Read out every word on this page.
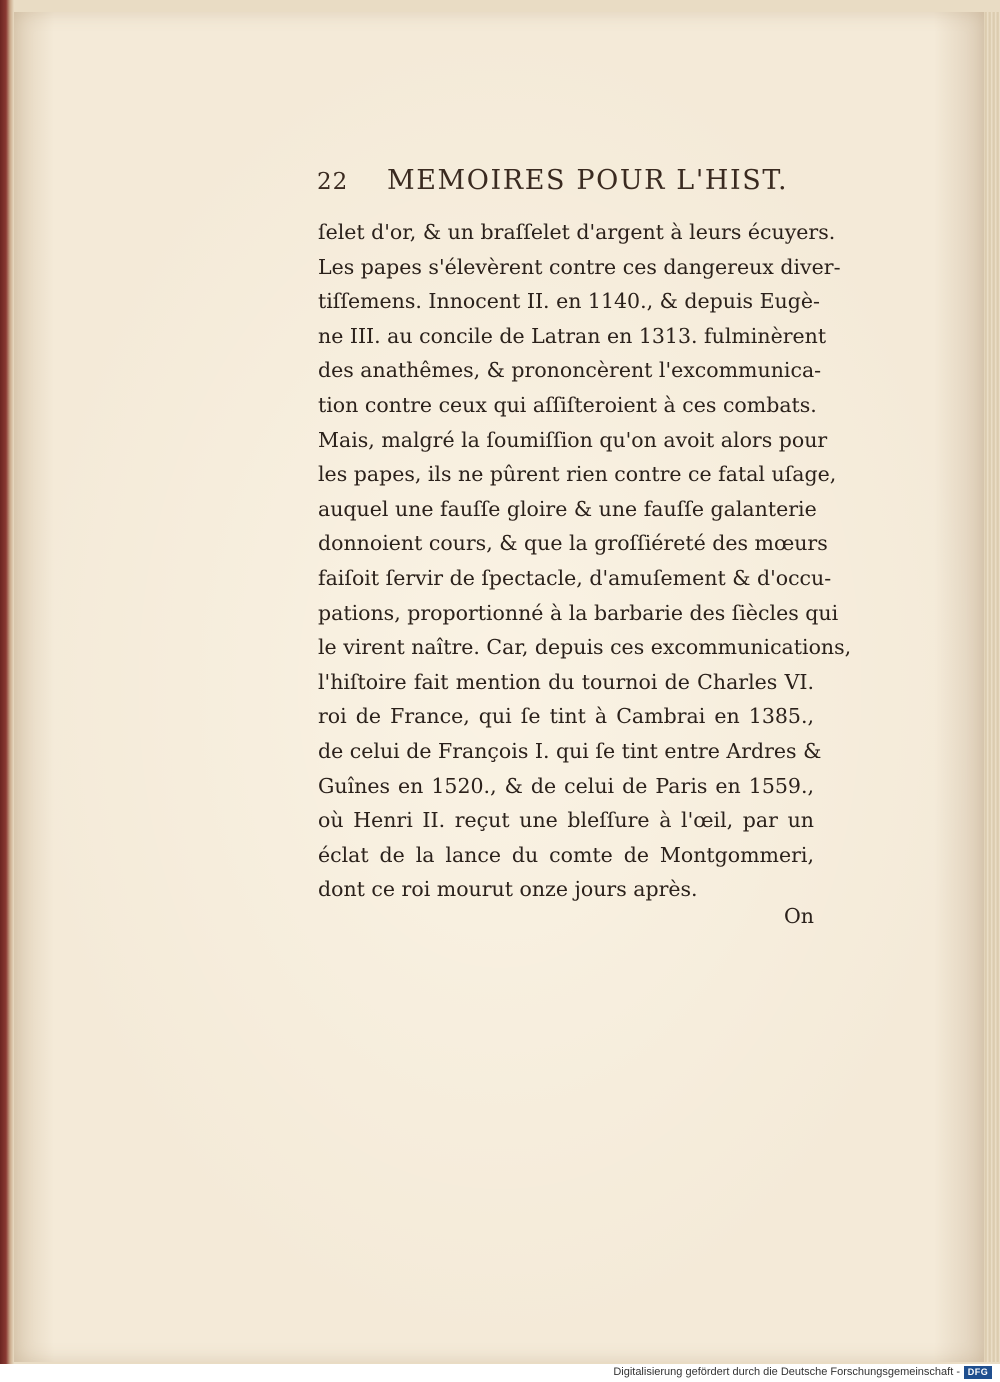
22 MEMOIRES POUR L'HIST.
ſelet d'or, & un braſſelet d'argent à leurs écuyers.
Les papes s'élevèrent contre ces dangereux diver-
tiſſemens. Innocent II. en 1140., & depuis Eugè-
ne III. au concile de Latran en 1313. fulminèrent
des anathêmes, & prononcèrent l'excommunica-
tion contre ceux qui aſſiſteroient à ces combats.
Mais, malgré la ſoumiſſion qu'on avoit alors pour
les papes, ils ne pûrent rien contre ce fatal uſage,
auquel une fauſſe gloire & une fauſſe galanterie
donnoient cours, & que la groſſiéreté des mœurs
faiſoit ſervir de ſpectacle, d'amuſement & d'occu-
pations, proportionné à la barbarie des ſiècles qui
le virent naître. Car, depuis ces excommunications,
l'hiſtoire fait mention du tournoi de Charles VI.
roi de France, qui ſe tint à Cambrai en 1385.,
de celui de François I. qui ſe tint entre Ardres &
Guînes en 1520., & de celui de Paris en 1559.,
où Henri II. reçut une bleſſure à l'œil, par un
éclat de la lance du comte de Montgommeri,
dont ce roi mourut onze jours après.
On
Digitalisierung gefördert durch die Deutsche Forschungsgemeinschaft - DFG
